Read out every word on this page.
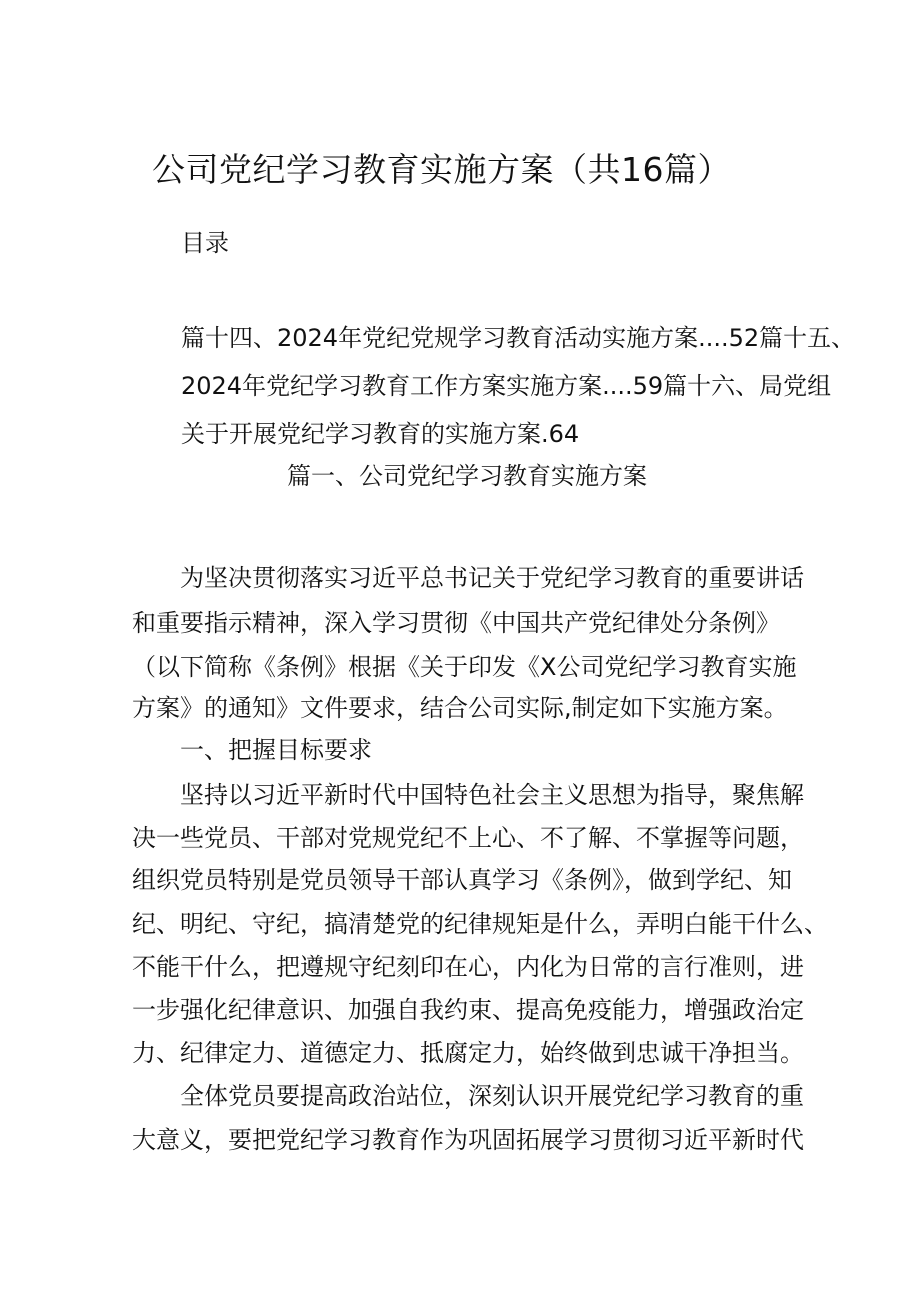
公司党纪学习教育实施方案（共16篇）
目录
篇十四、2024年党纪党规学习教育活动实施方案....52篇十五、
2024年党纪学习教育工作方案实施方案....59篇十六、局党组
关于开展党纪学习教育的实施方案.64
篇一、公司党纪学习教育实施方案
为坚决贯彻落实习近平总书记关于党纪学习教育的重要讲话
和重要指示精神，深入学习贯彻《中国共产党纪律处分条例》
（以下简称《条例》根据《关于印发《X公司党纪学习教育实施
方案》的通知》文件要求，结合公司实际,制定如下实施方案。
一、把握目标要求
坚持以习近平新时代中国特色社会主义思想为指导，聚焦解
决一些党员、干部对党规党纪不上心、不了解、不掌握等问题，
组织党员特别是党员领导干部认真学习《条例》，做到学纪、知
纪、明纪、守纪，搞清楚党的纪律规矩是什么，弄明白能干什么、
不能干什么，把遵规守纪刻印在心，内化为日常的言行准则，进
一步强化纪律意识、加强自我约束、提高免疫能力，增强政治定
力、纪律定力、道德定力、抵腐定力，始终做到忠诚干净担当。
全体党员要提高政治站位，深刻认识开展党纪学习教育的重
大意义，要把党纪学习教育作为巩固拓展学习贯彻习近平新时代
